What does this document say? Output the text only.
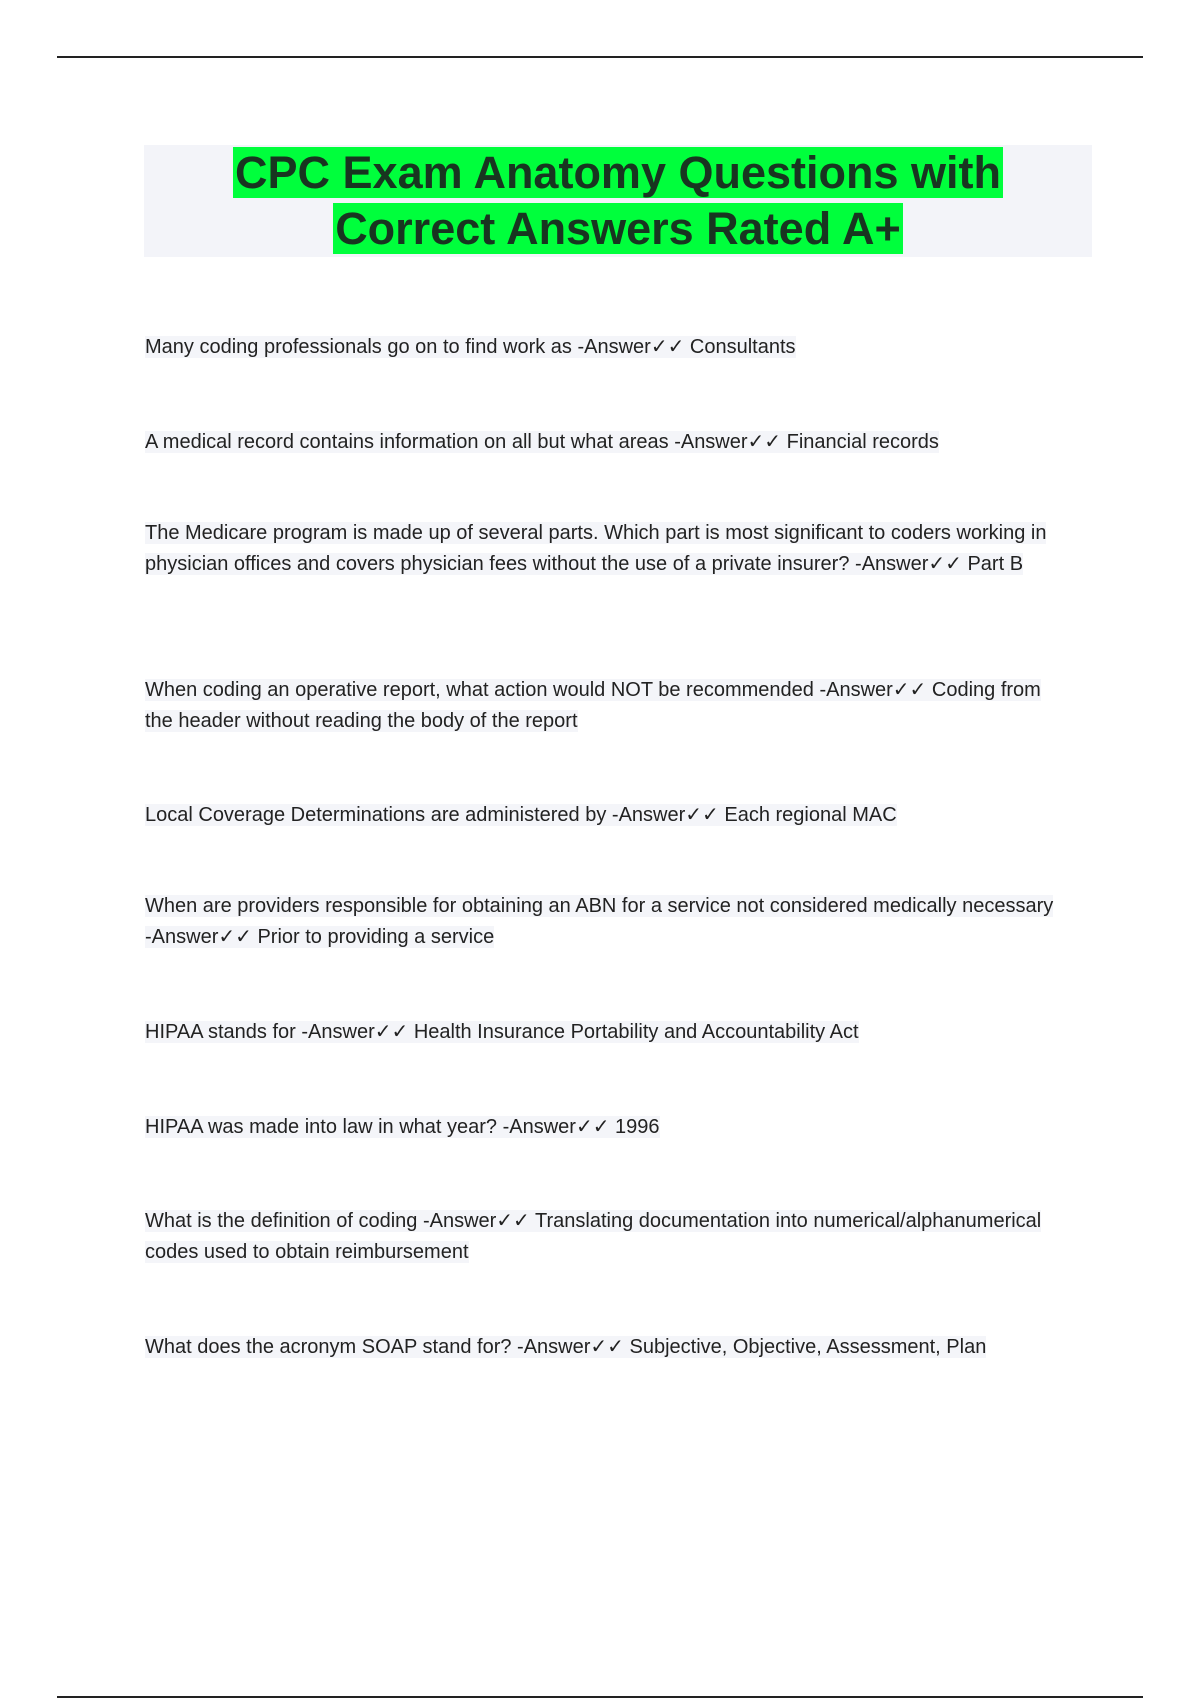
CPC Exam Anatomy Questions with
Correct Answers Rated A+

Many coding professionals go on to find work as -Answer✓✓ Consultants

A medical record contains information on all but what areas -Answer✓✓ Financial records

The Medicare program is made up of several parts. Which part is most significant to coders working in physician offices and covers physician fees without the use of a private insurer? -Answer✓✓ Part B

When coding an operative report, what action would NOT be recommended -Answer✓✓ Coding from the header without reading the body of the report

Local Coverage Determinations are administered by -Answer✓✓ Each regional MAC

When are providers responsible for obtaining an ABN for a service not considered medically necessary -Answer✓✓ Prior to providing a service

HIPAA stands for -Answer✓✓ Health Insurance Portability and Accountability Act

HIPAA was made into law in what year? -Answer✓✓ 1996

What is the definition of coding -Answer✓✓ Translating documentation into numerical/alphanumerical codes used to obtain reimbursement

What does the acronym SOAP stand for? -Answer✓✓ Subjective, Objective, Assessment, Plan
